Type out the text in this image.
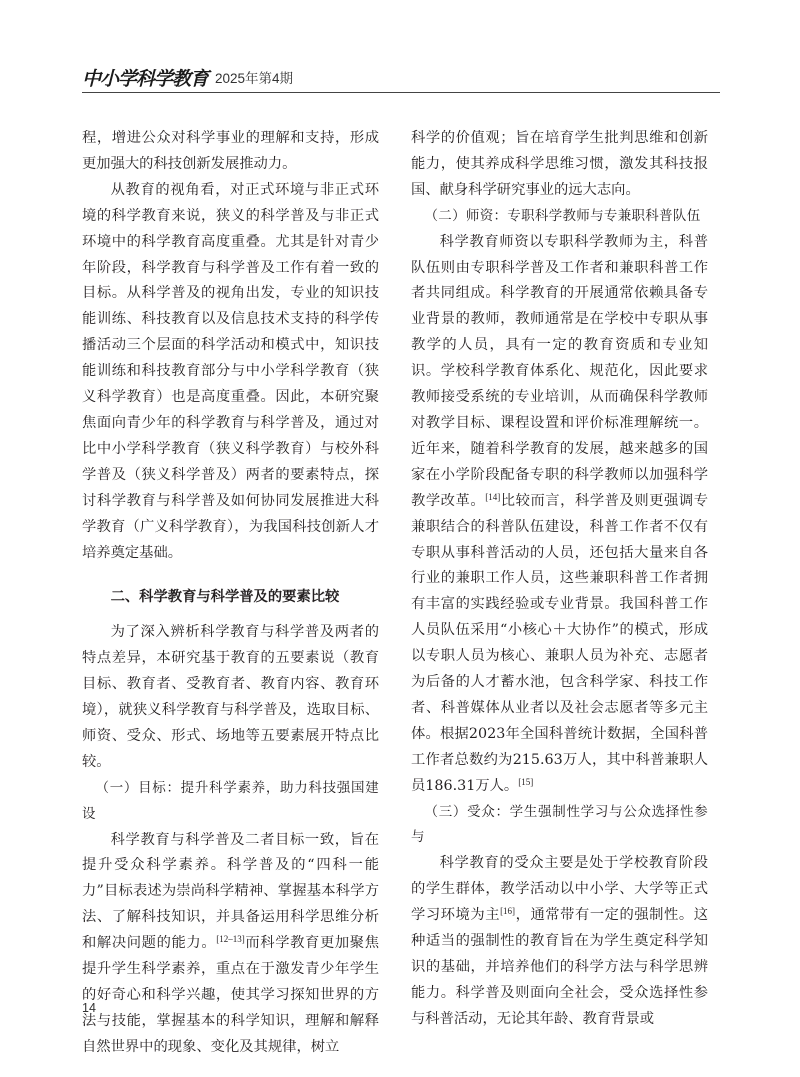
中小学科学教育 2025年第4期

程，增进公众对科学事业的理解和支持，形成更加强大的科技创新发展推动力。

从教育的视角看，对正式环境与非正式环境的科学教育来说，狭义的科学普及与非正式环境中的科学教育高度重叠。尤其是针对青少年阶段，科学教育与科学普及工作有着一致的目标。从科学普及的视角出发，专业的知识技能训练、科技教育以及信息技术支持的科学传播活动三个层面的科学活动和模式中，知识技能训练和科技教育部分与中小学科学教育（狭义科学教育）也是高度重叠。因此，本研究聚焦面向青少年的科学教育与科学普及，通过对比中小学科学教育（狭义科学教育）与校外科学普及（狭义科学普及）两者的要素特点，探讨科学教育与科学普及如何协同发展推进大科学教育（广义科学教育），为我国科技创新人才培养奠定基础。

二、科学教育与科学普及的要素比较

为了深入辨析科学教育与科学普及两者的特点差异，本研究基于教育的五要素说（教育目标、教育者、受教育者、教育内容、教育环境），就狭义科学教育与科学普及，选取目标、师资、受众、形式、场地等五要素展开特点比较。

（一）目标：提升科学素养，助力科技强国建设

科学教育与科学普及二者目标一致，旨在提升受众科学素养。科学普及的“四科一能力”目标表述为崇尚科学精神、掌握基本科学方法、了解科技知识，并具备运用科学思维分析和解决问题的能力。[12–13]而科学教育更加聚焦提升学生科学素养，重点在于激发青少年学生的好奇心和科学兴趣，使其学习探知世界的方法与技能，掌握基本的科学知识，理解和解释自然世界中的现象、变化及其规律，树立

科学的价值观；旨在培育学生批判思维和创新能力，使其养成科学思维习惯，激发其科技报国、献身科学研究事业的远大志向。

（二）师资：专职科学教师与专兼职科普队伍

科学教育师资以专职科学教师为主，科普队伍则由专职科学普及工作者和兼职科普工作者共同组成。科学教育的开展通常依赖具备专业背景的教师，教师通常是在学校中专职从事教学的人员，具有一定的教育资质和专业知识。学校科学教育体系化、规范化，因此要求教师接受系统的专业培训，从而确保科学教师对教学目标、课程设置和评价标准理解统一。近年来，随着科学教育的发展，越来越多的国家在小学阶段配备专职的科学教师以加强科学教学改革。[14]比较而言，科学普及则更强调专兼职结合的科普队伍建设，科普工作者不仅有专职从事科普活动的人员，还包括大量来自各行业的兼职工作人员，这些兼职科普工作者拥有丰富的实践经验或专业背景。我国科普工作人员队伍采用“小核心＋大协作”的模式，形成以专职人员为核心、兼职人员为补充、志愿者为后备的人才蓄水池，包含科学家、科技工作者、科普媒体从业者以及社会志愿者等多元主体。根据2023年全国科普统计数据，全国科普工作者总数约为215.63万人，其中科普兼职人员186.31万人。[15]

（三）受众：学生强制性学习与公众选择性参与

科学教育的受众主要是处于学校教育阶段的学生群体，教学活动以中小学、大学等正式学习环境为主[16]，通常带有一定的强制性。这种适当的强制性的教育旨在为学生奠定科学知识的基础，并培养他们的科学方法与科学思辨能力。科学普及则面向全社会，受众选择性参与科普活动，无论其年龄、教育背景或

14
